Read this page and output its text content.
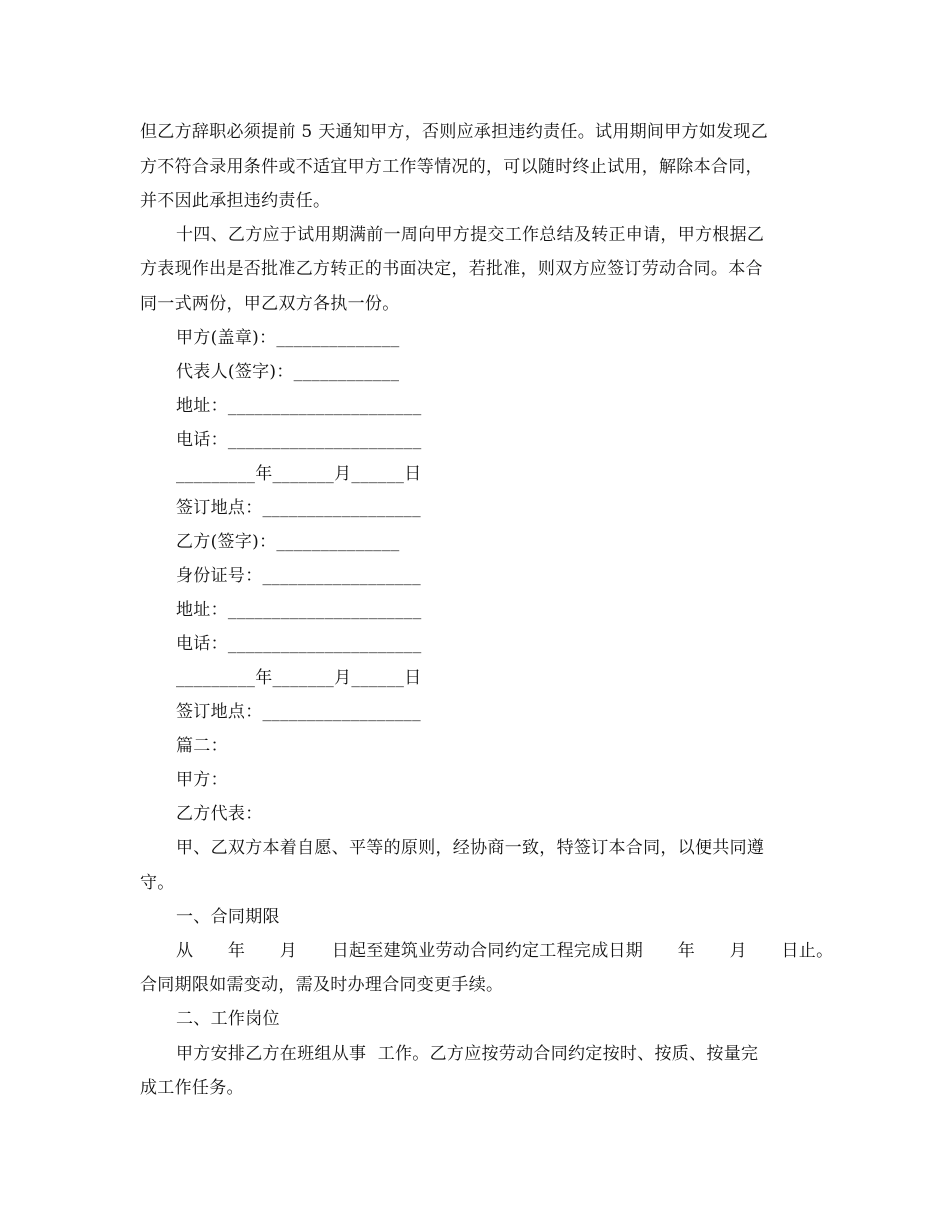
但乙方辞职必须提前 5 天通知甲方，否则应承担违约责任。试用期间甲方如发现乙
方不符合录用条件或不适宜甲方工作等情况的，可以随时终止试用，解除本合同，
并不因此承担违约责任。
十四、乙方应于试用期满前一周向甲方提交工作总结及转正申请，甲方根据乙
方表现作出是否批准乙方转正的书面决定，若批准，则双方应签订劳动合同。本合
同一式两份，甲乙双方各执一份。
甲方(盖章)：______________
代表人(签字)：____________
地址：______________________
电话：______________________
_________年_______月______日
签订地点：__________________
乙方(签字)：______________
身份证号：__________________
地址：______________________
电话：______________________
_________年_______月______日
签订地点：__________________
篇二：
甲方：
乙方代表：
甲、乙双方本着自愿、平等的原则，经协商一致，特签订本合同，以便共同遵
守。
一、合同期限
从　　年　　月　　日起至建筑业劳动合同约定工程完成日期　　年　　月　　日止。
合同期限如需变动，需及时办理合同变更手续。
二、工作岗位
甲方安排乙方在班组从事  工作。乙方应按劳动合同约定按时、按质、按量完
成工作任务。
